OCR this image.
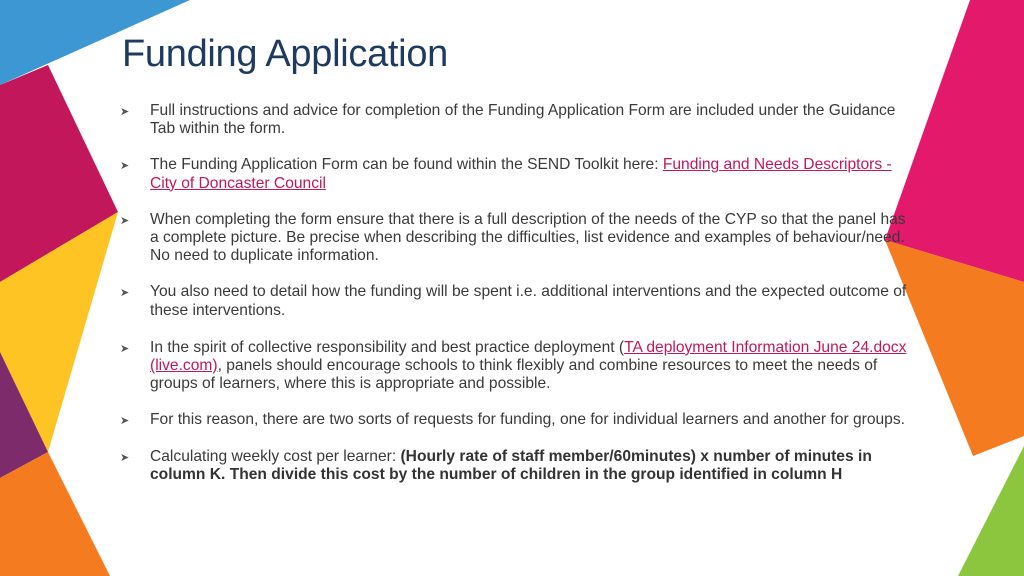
Funding Application
➤ Full instructions and advice for completion of the Funding Application Form are included under the Guidance Tab within the form.
➤ The Funding Application Form can be found within the SEND Toolkit here: Funding and Needs Descriptors - City of Doncaster Council
➤ When completing the form ensure that there is a full description of the needs of the CYP so that the panel has a complete picture. Be precise when describing the difficulties, list evidence and examples of behaviour/need. No need to duplicate information.
➤ You also need to detail how the funding will be spent i.e. additional interventions and the expected outcome of these interventions.
➤ In the spirit of collective responsibility and best practice deployment (TA deployment Information June 24.docx (live.com), panels should encourage schools to think flexibly and combine resources to meet the needs of groups of learners, where this is appropriate and possible.
➤ For this reason, there are two sorts of requests for funding, one for individual learners and another for groups.
➤ Calculating weekly cost per learner: (Hourly rate of staff member/60minutes) x number of minutes in column K. Then divide this cost by the number of children in the group identified in column H
